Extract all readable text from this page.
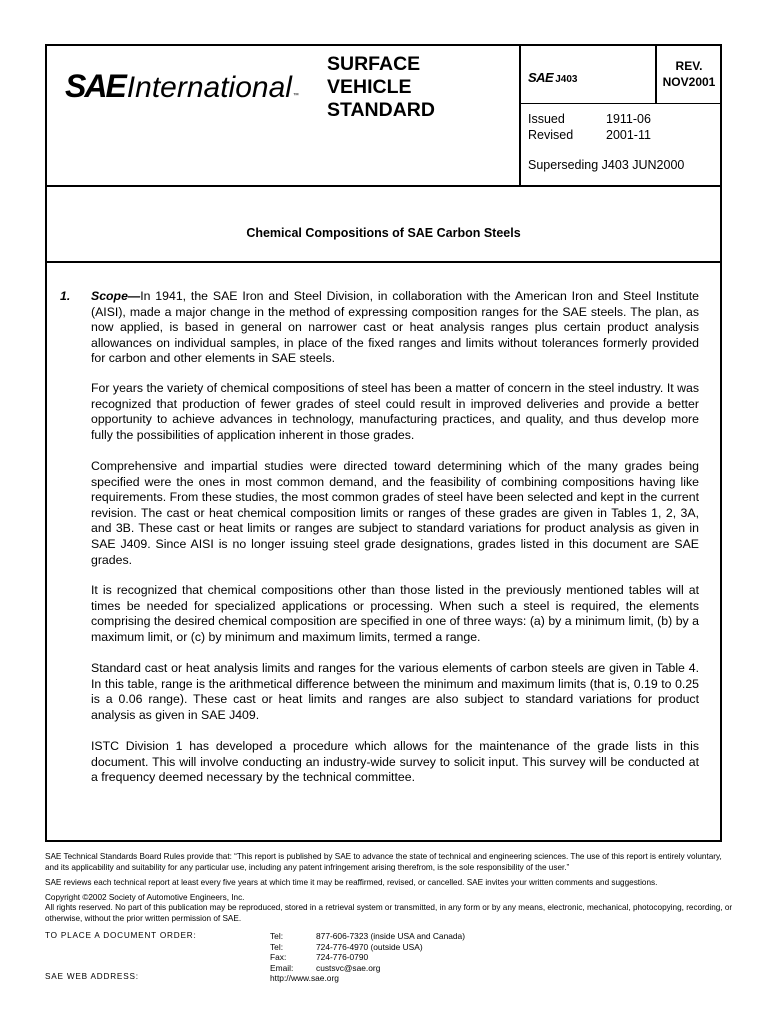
SAE International ™
SURFACE
VEHICLE
STANDARD
SAE J403
REV.
NOV2001
Issued	1911-06
Revised	2001-11
Superseding J403 JUN2000
Chemical Compositions of SAE Carbon Steels
1. Scope—In 1941, the SAE Iron and Steel Division, in collaboration with the American Iron and Steel Institute (AISI), made a major change in the method of expressing composition ranges for the SAE steels. The plan, as now applied, is based in general on narrower cast or heat analysis ranges plus certain product analysis allowances on individual samples, in place of the fixed ranges and limits without tolerances formerly provided for carbon and other elements in SAE steels.
For years the variety of chemical compositions of steel has been a matter of concern in the steel industry. It was recognized that production of fewer grades of steel could result in improved deliveries and provide a better opportunity to achieve advances in technology, manufacturing practices, and quality, and thus develop more fully the possibilities of application inherent in those grades.
Comprehensive and impartial studies were directed toward determining which of the many grades being specified were the ones in most common demand, and the feasibility of combining compositions having like requirements. From these studies, the most common grades of steel have been selected and kept in the current revision. The cast or heat chemical composition limits or ranges of these grades are given in Tables 1, 2, 3A, and 3B. These cast or heat limits or ranges are subject to standard variations for product analysis as given in SAE J409. Since AISI is no longer issuing steel grade designations, grades listed in this document are SAE grades.
It is recognized that chemical compositions other than those listed in the previously mentioned tables will at times be needed for specialized applications or processing. When such a steel is required, the elements comprising the desired chemical composition are specified in one of three ways: (a) by a minimum limit, (b) by a maximum limit, or (c) by minimum and maximum limits, termed a range.
Standard cast or heat analysis limits and ranges for the various elements of carbon steels are given in Table 4. In this table, range is the arithmetical difference between the minimum and maximum limits (that is, 0.19 to 0.25 is a 0.06 range). These cast or heat limits and ranges are also subject to standard variations for product analysis as given in SAE J409.
ISTC Division 1 has developed a procedure which allows for the maintenance of the grade lists in this document. This will involve conducting an industry-wide survey to solicit input. This survey will be conducted at a frequency deemed necessary by the technical committee.
SAE Technical Standards Board Rules provide that: “This report is published by SAE to advance the state of technical and engineering sciences. The use of this report is entirely voluntary, and its applicability and suitability for any particular use, including any patent infringement arising therefrom, is the sole responsibility of the user.”
SAE reviews each technical report at least every five years at which time it may be reaffirmed, revised, or cancelled. SAE invites your written comments and suggestions.
Copyright ©2002 Society of Automotive Engineers, Inc.
All rights reserved. No part of this publication may be reproduced, stored in a retrieval system or transmitted, in any form or by any means, electronic, mechanical, photocopying, recording, or otherwise, without the prior written permission of SAE.
TO PLACE A DOCUMENT ORDER:
SAE WEB ADDRESS:
Tel:	877-606-7323 (inside USA and Canada)
Tel:	724-776-4970 (outside USA)
Fax:	724-776-0790
Email:	custsvc@sae.org
http://www.sae.org
